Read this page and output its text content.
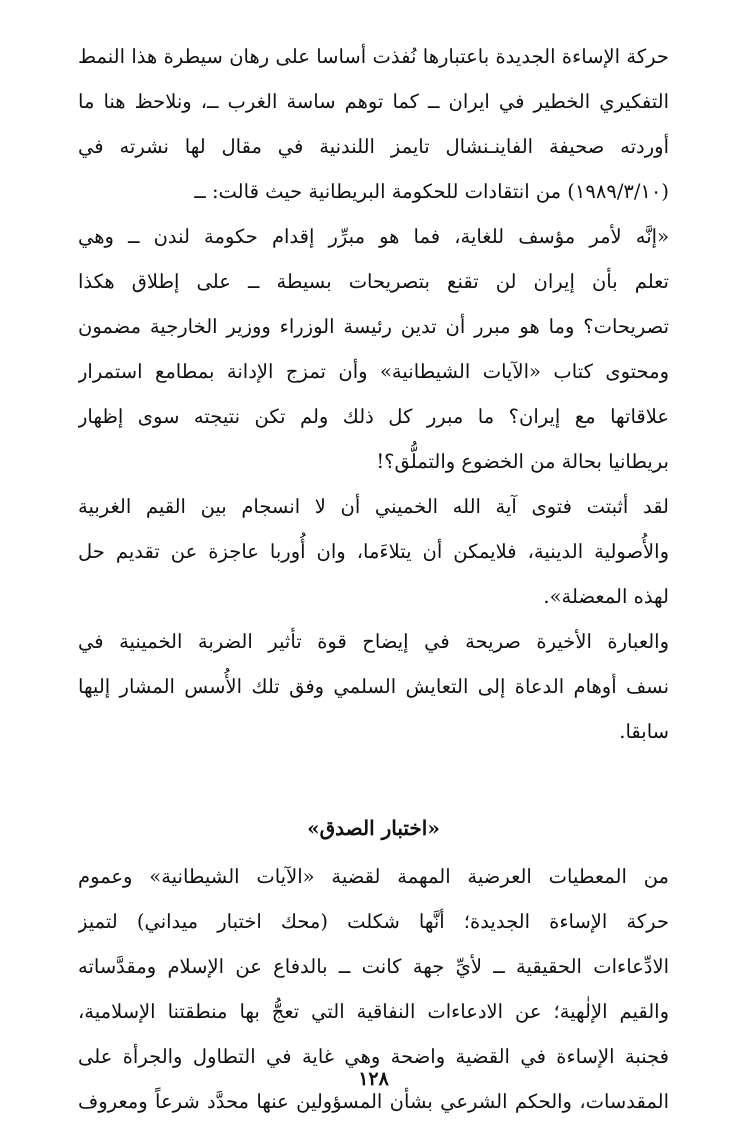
حركة الإساءة الجديدة باعتبارها نُفذت أساسا على رهان سيطرة هذا النمط
التفكيري الخطير في ايران ــ كما توهم ساسة الغرب ــ، ونلاحظ هنا ما
أوردته صحيفة الفاينـنشال تايمز اللندنية في مقال لها نشرته في
(١٩٨٩/٣/١٠) من انتقادات للحكومة البريطانية حيث قالت: ــ
«إنَّه لأمر مؤسف للغاية، فما هو مبرِّر إقدام حكومة لندن ــ وهي
تعلم بأن إيران لن تقنع بتصريحات بسيطة ــ على إطلاق هكذا
تصريحات؟ وما هو مبرر أن تدين رئيسة الوزراء ووزير الخارجية مضمون
ومحتوى كتاب «الآيات الشيطانية» وأن تمزج الإدانة بمطامع استمرار
علاقاتها مع إيران؟ ما مبرر كل ذلك ولم تكن نتيجته سوى إظهار
بريطانيا بحالة من الخضوع والتملُّق؟!
لقد أثبتت فتوى آية الله الخميني أن لا انسجام بين القيم الغربية
والأُصولية الدينية، فلايمكن أن يتلاءَما، وان أُوربا عاجزة عن تقديم حل
لهذه المعضلة».
والعبارة الأخيرة صريحة في إيضاح قوة تأثير الضربة الخمينية في
نسف أوهام الدعاة إلى التعايش السلمي وفق تلك الأُسس المشار إليها
سابقا.
«اختبار الصدق»
من المعطيات العرضية المهمة لقضية «الآيات الشيطانية» وعموم
حركة الإساءة الجديدة؛ أنَّها شكلت (محك اختبار ميداني) لتميز
الادِّعاءات الحقيقية ــ لأيِّ جهة كانت ــ بالدفاع عن الإسلام ومقدَّساته
والقيم الإلٰهية؛ عن الادعاءات النفاقية التي تعجُّ بها منطقتنا الإسلامية،
فجنبة الإساءة في القضية واضحة وهي غاية في التطاول والجرأة على
المقدسات، والحكم الشرعي بشأن المسؤولين عنها محدَّد شرعاً ومعروف
١٢٨
